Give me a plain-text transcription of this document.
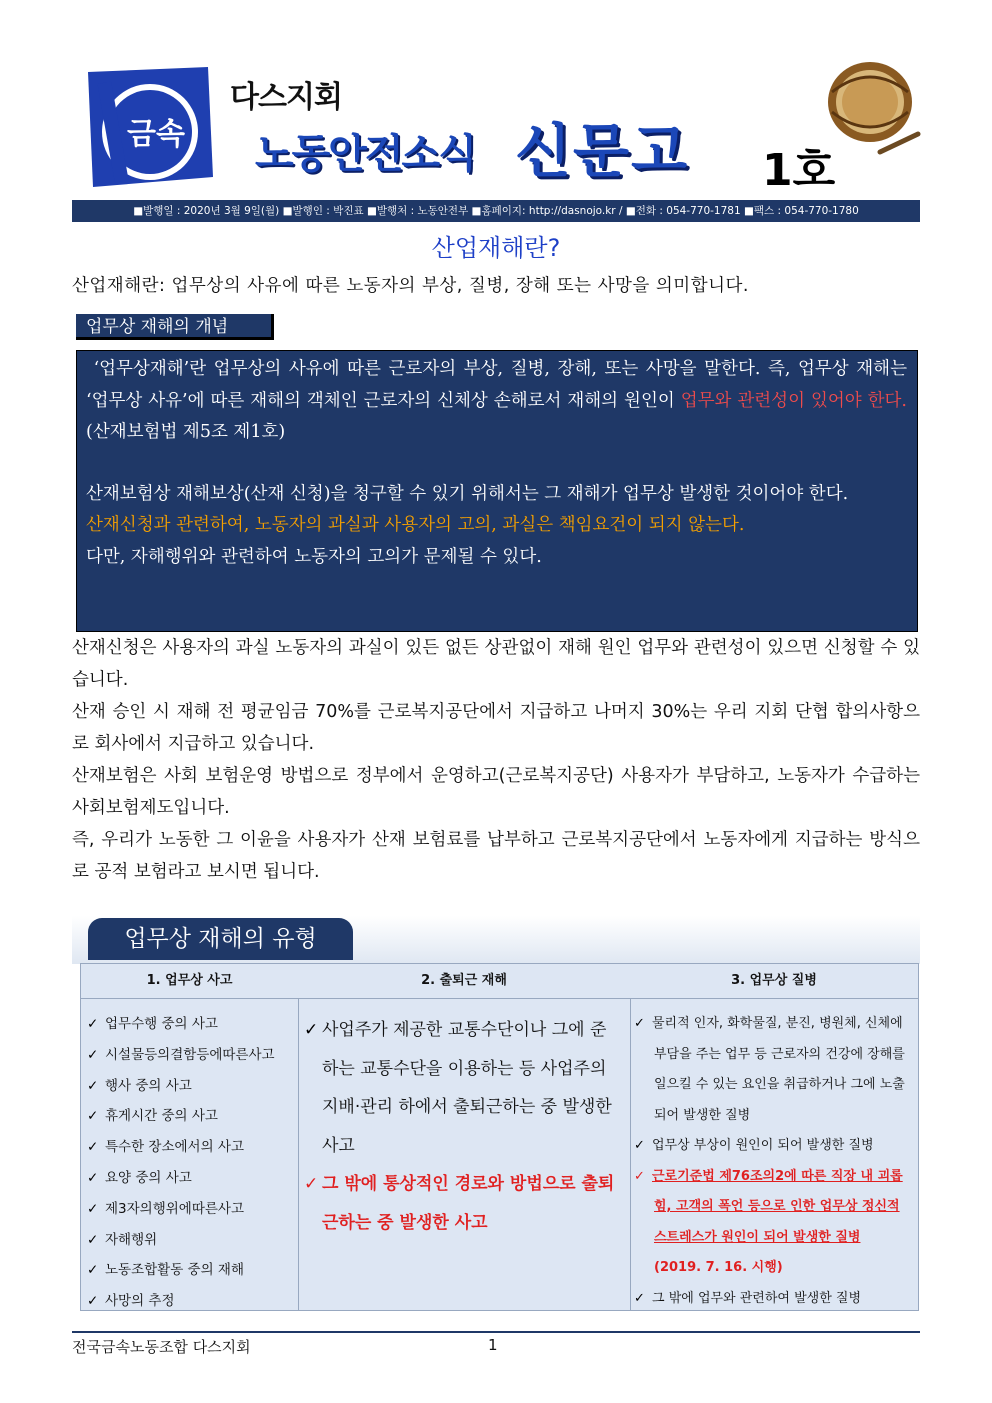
금속
다스지회
노동안전소식 신문고 1호
■발행일 : 2020년 3월 9일(월) ■발행인 : 박진표 ■발행처 : 노동안전부 ■홈페이지: http://dasnojo.kr / ■전화 : 054-770-1781 ■팩스 : 054-770-1780
산업재해란?
산업재해란: 업무상의 사유에 따른 노동자의 부상, 질병, 장해 또는 사망을 의미합니다.
업무상 재해의 개념

‘업무상재해’란 업무상의 사유에 따른 근로자의 부상, 질병, 장해, 또는 사망을 말한다. 즉, 업무상 재해는 ‘업무상 사유’에 따른 재해의 객체인 근로자의 신체상 손해로서 재해의 원인이 업무와 관련성이 있어야 한다.(산재보험법 제5조 제1호)

산재보험상 재해보상(산재 신청)을 청구할 수 있기 위해서는 그 재해가 업무상 발생한 것이어야 한다.

산재신청과 관련하여, 노동자의 과실과 사용자의 고의, 과실은 책임요건이 되지 않는다.

다만, 자해행위와 관련하여 노동자의 고의가 문제될 수 있다.

산재신청은 사용자의 과실 노동자의 과실이 있든 없든 상관없이 재해 원인 업무와 관련성이 있으면 신청할 수 있습니다.

산재 승인 시 재해 전 평균임금 70%를 근로복지공단에서 지급하고 나머지 30%는 우리 지회 단협 합의사항으로 회사에서 지급하고 있습니다.

산재보험은 사회 보험운영 방법으로 정부에서 운영하고(근로복지공단) 사용자가 부담하고, 노동자가 수급하는 사회보험제도입니다.

즉, 우리가 노동한 그 이윤을 사용자가 산재 보험료를 납부하고 근로복지공단에서 노동자에게 지급하는 방식으로 공적 보험라고 보시면 됩니다.

업무상 재해의 유형
1. 업무상 사고
✓ 업무수행 중의 사고
✓ 시설물등의결함등에따른사고
✓ 행사 중의 사고
✓ 휴게시간 중의 사고
✓ 특수한 장소에서의 사고
✓ 요양 중의 사고
✓ 제3자의행위에따른사고
✓ 자해행위
✓ 노동조합활동 중의 재해
✓ 사망의 추정
2. 출퇴근 재해
✓ 사업주가 제공한 교통수단이나 그에 준하는 교통수단을 이용하는 등 사업주의 지배·관리 하에서 출퇴근하는 중 발생한 사고
✓ 그 밖에 통상적인 경로와 방법으로 출퇴근하는 중 발생한 사고
3. 업무상 질병
✓ 물리적 인자, 화학물질, 분진, 병원체, 신체에 부담을 주는 업무 등 근로자의 건강에 장해를 일으킬 수 있는 요인을 취급하거나 그에 노출되어 발생한 질병
✓ 업무상 부상이 원인이 되어 발생한 질병
✓ 근로기준법 제76조의2에 따른 직장 내 괴롭힘, 고객의 폭언 등으로 인한 업무상 정신적 스트레스가 원인이 되어 발생한 질병
(2019. 7. 16. 시행)
✓ 그 밖에 업무와 관련하여 발생한 질병
전국금속노동조합 다스지회	1
